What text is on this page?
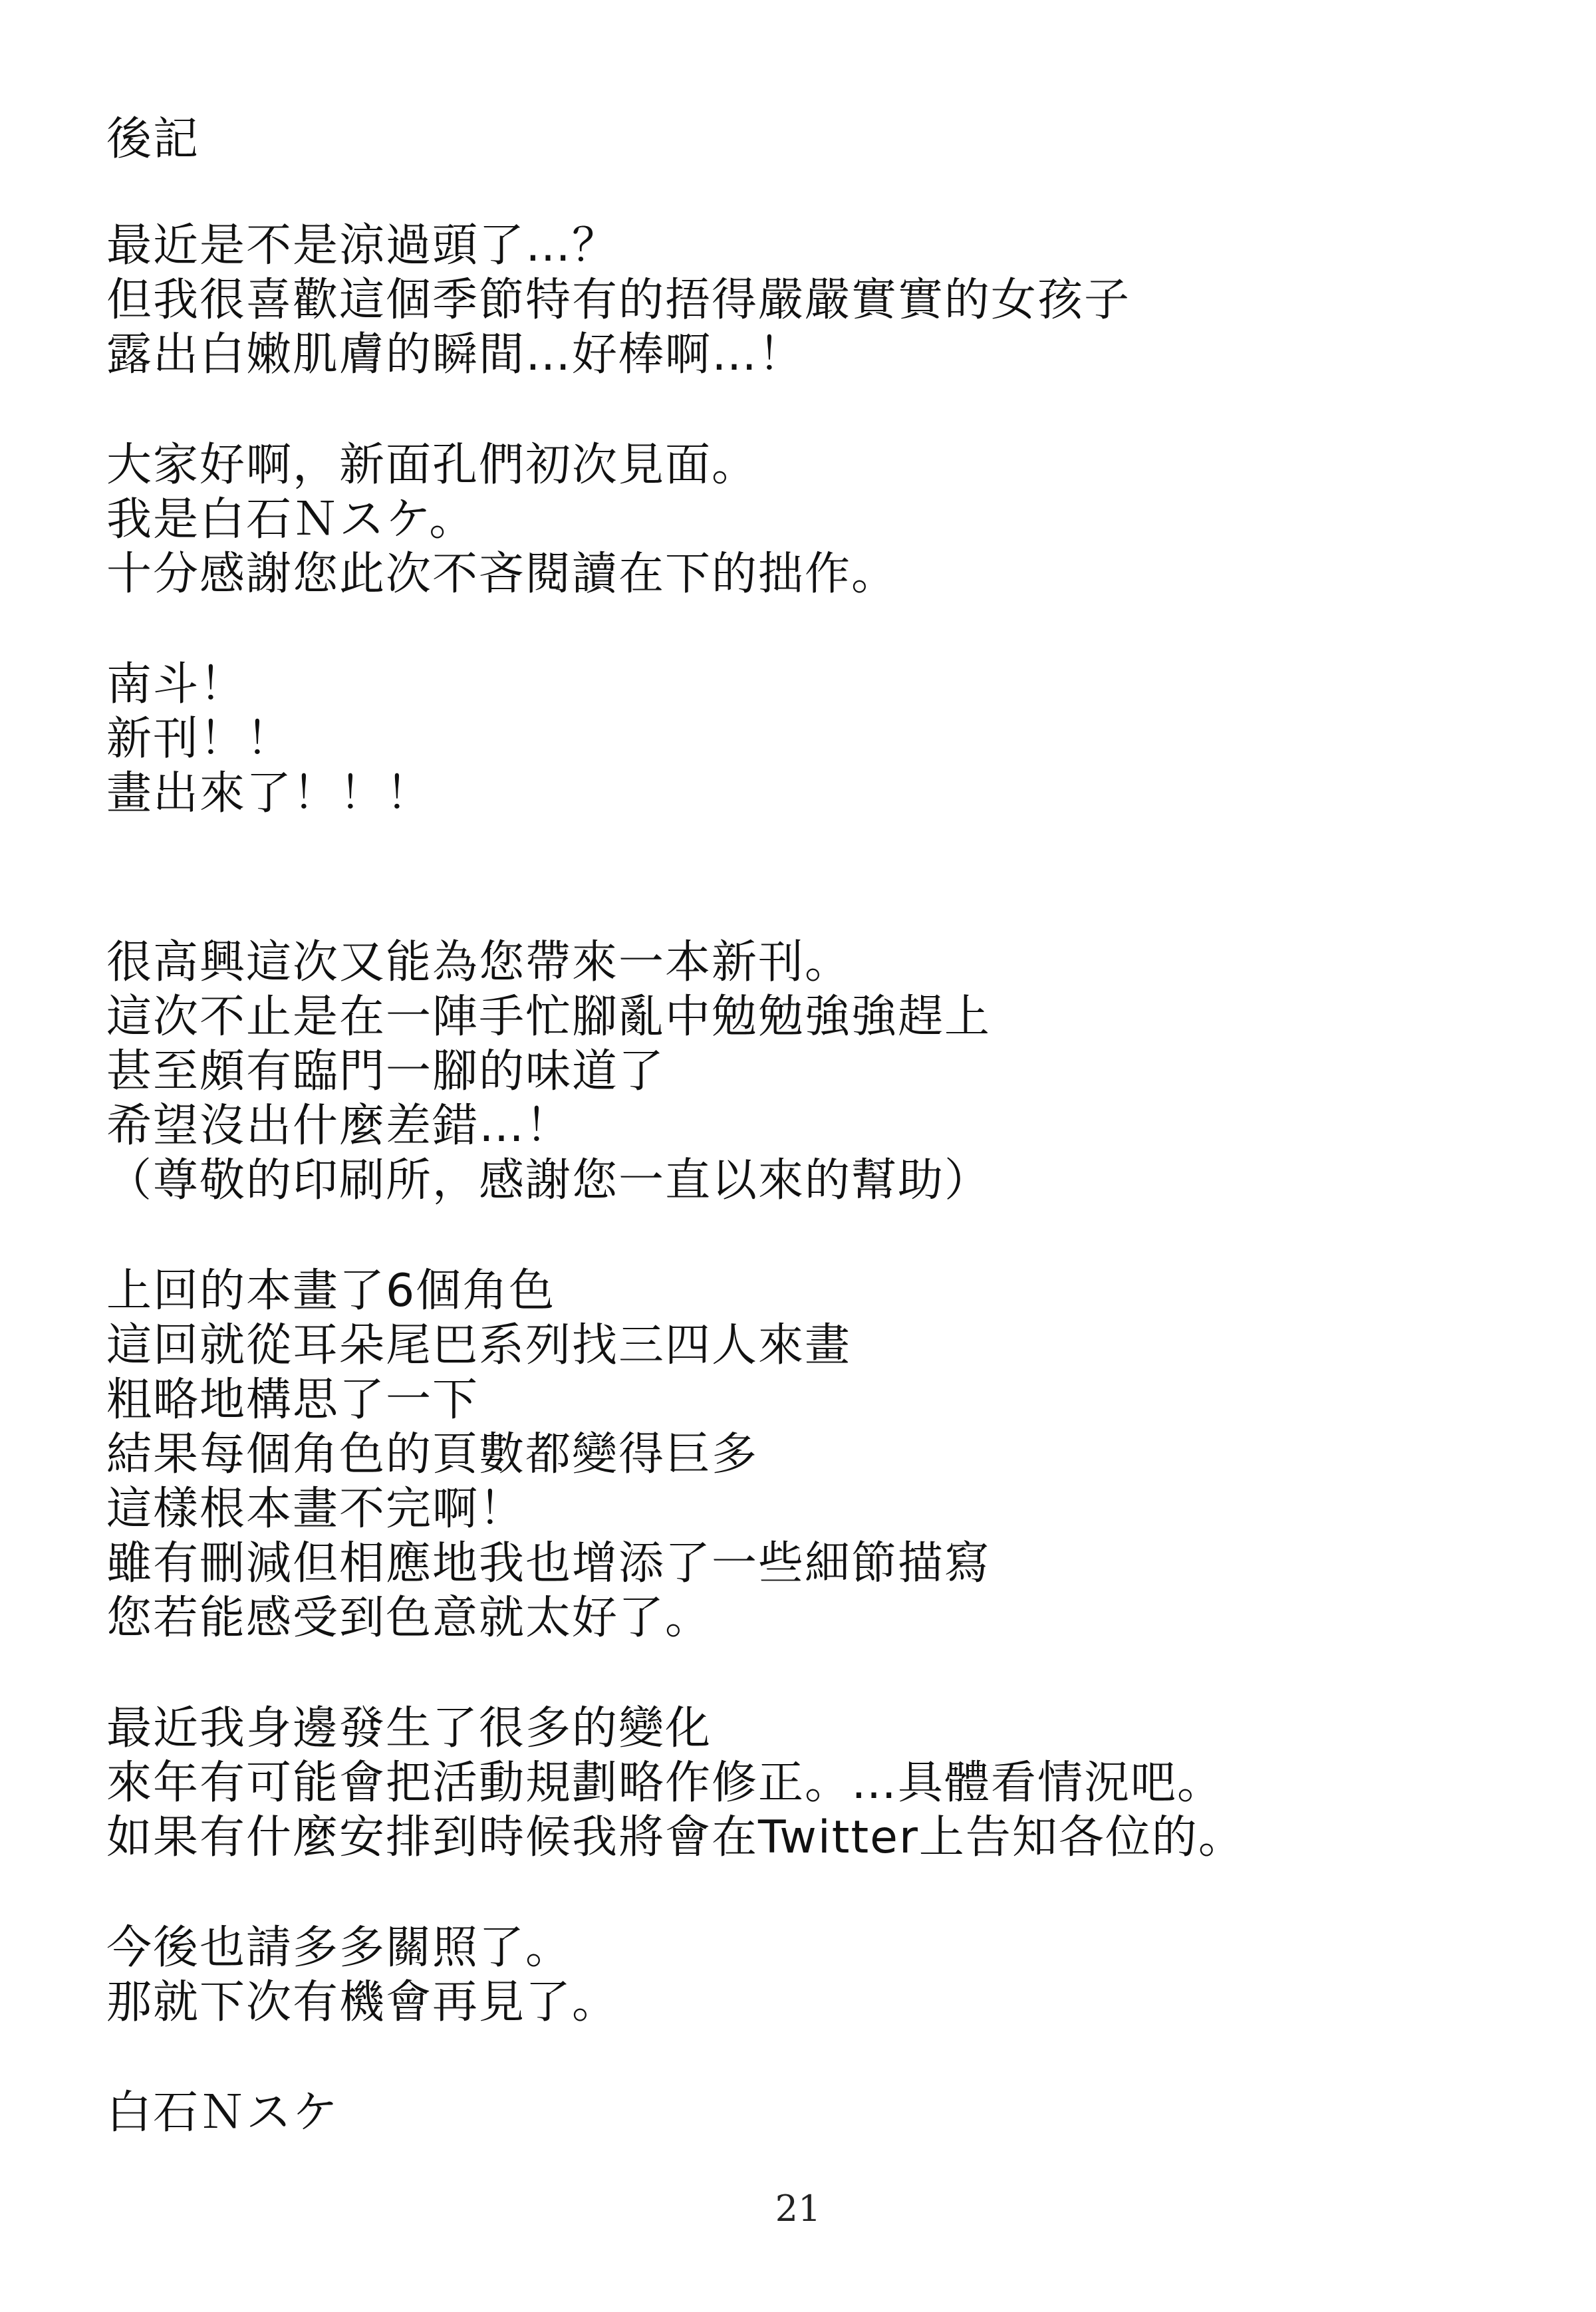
後記

最近是不是涼過頭了…？

但我很喜歡這個季節特有的捂得嚴嚴實實的女孩子

露出白嫩肌膚的瞬間…好棒啊…！

大家好啊，新面孔們初次見面。

我是白石Ｎスケ。

十分感謝您此次不吝閱讀在下的拙作。

南斗！

新刊！！

畫出來了！！！

很高興這次又能為您帶來一本新刊。

這次不止是在一陣手忙腳亂中勉勉強強趕上

甚至頗有臨門一腳的味道了

希望沒出什麼差錯…！

（尊敬的印刷所，感謝您一直以來的幫助）

上回的本畫了6個角色

這回就從耳朵尾巴系列找三四人來畫

粗略地構思了一下

結果每個角色的頁數都變得巨多

這樣根本畫不完啊！

雖有刪減但相應地我也增添了一些細節描寫

您若能感受到色意就太好了。

最近我身邊發生了很多的變化

來年有可能會把活動規劃略作修正。…具體看情況吧。

如果有什麼安排到時候我將會在Twitter上告知各位的。

今後也請多多關照了。

那就下次有機會再見了。

白石Ｎスケ

21
